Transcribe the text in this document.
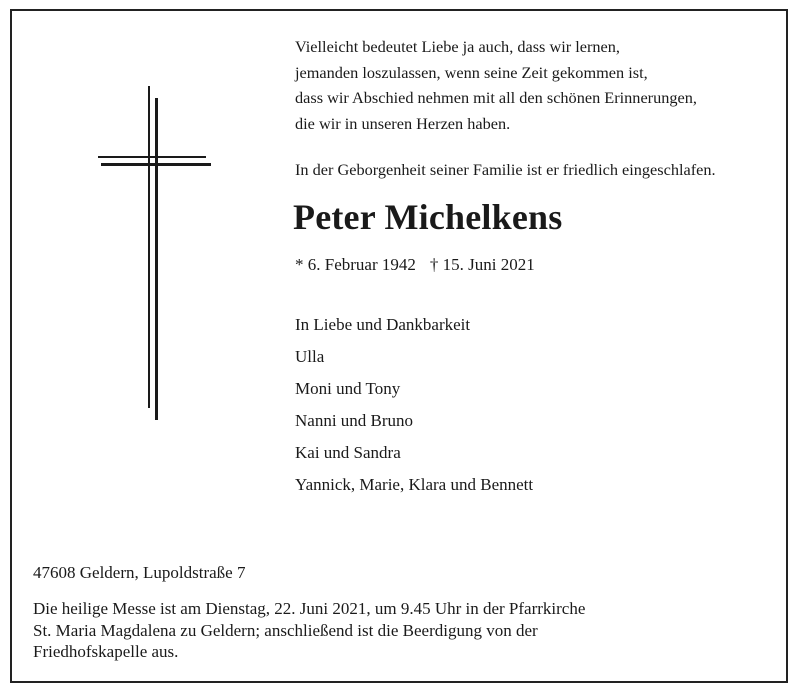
Vielleicht bedeutet Liebe ja auch, dass wir lernen,
jemanden loszulassen, wenn seine Zeit gekommen ist,
dass wir Abschied nehmen mit all den schönen Erinnerungen,
die wir in unseren Herzen haben.
In der Geborgenheit seiner Familie ist er friedlich eingeschlafen.
Peter Michelkens
* 6. Februar 1942 † 15. Juni 2021
In Liebe und Dankbarkeit
Ulla
Moni und Tony
Nanni und Bruno
Kai und Sandra
Yannick, Marie, Klara und Bennett
47608 Geldern, Lupoldstraße 7
Die heilige Messe ist am Dienstag, 22. Juni 2021, um 9.45 Uhr in der Pfarrkirche
St. Maria Magdalena zu Geldern; anschließend ist die Beerdigung von der
Friedhofskapelle aus.
